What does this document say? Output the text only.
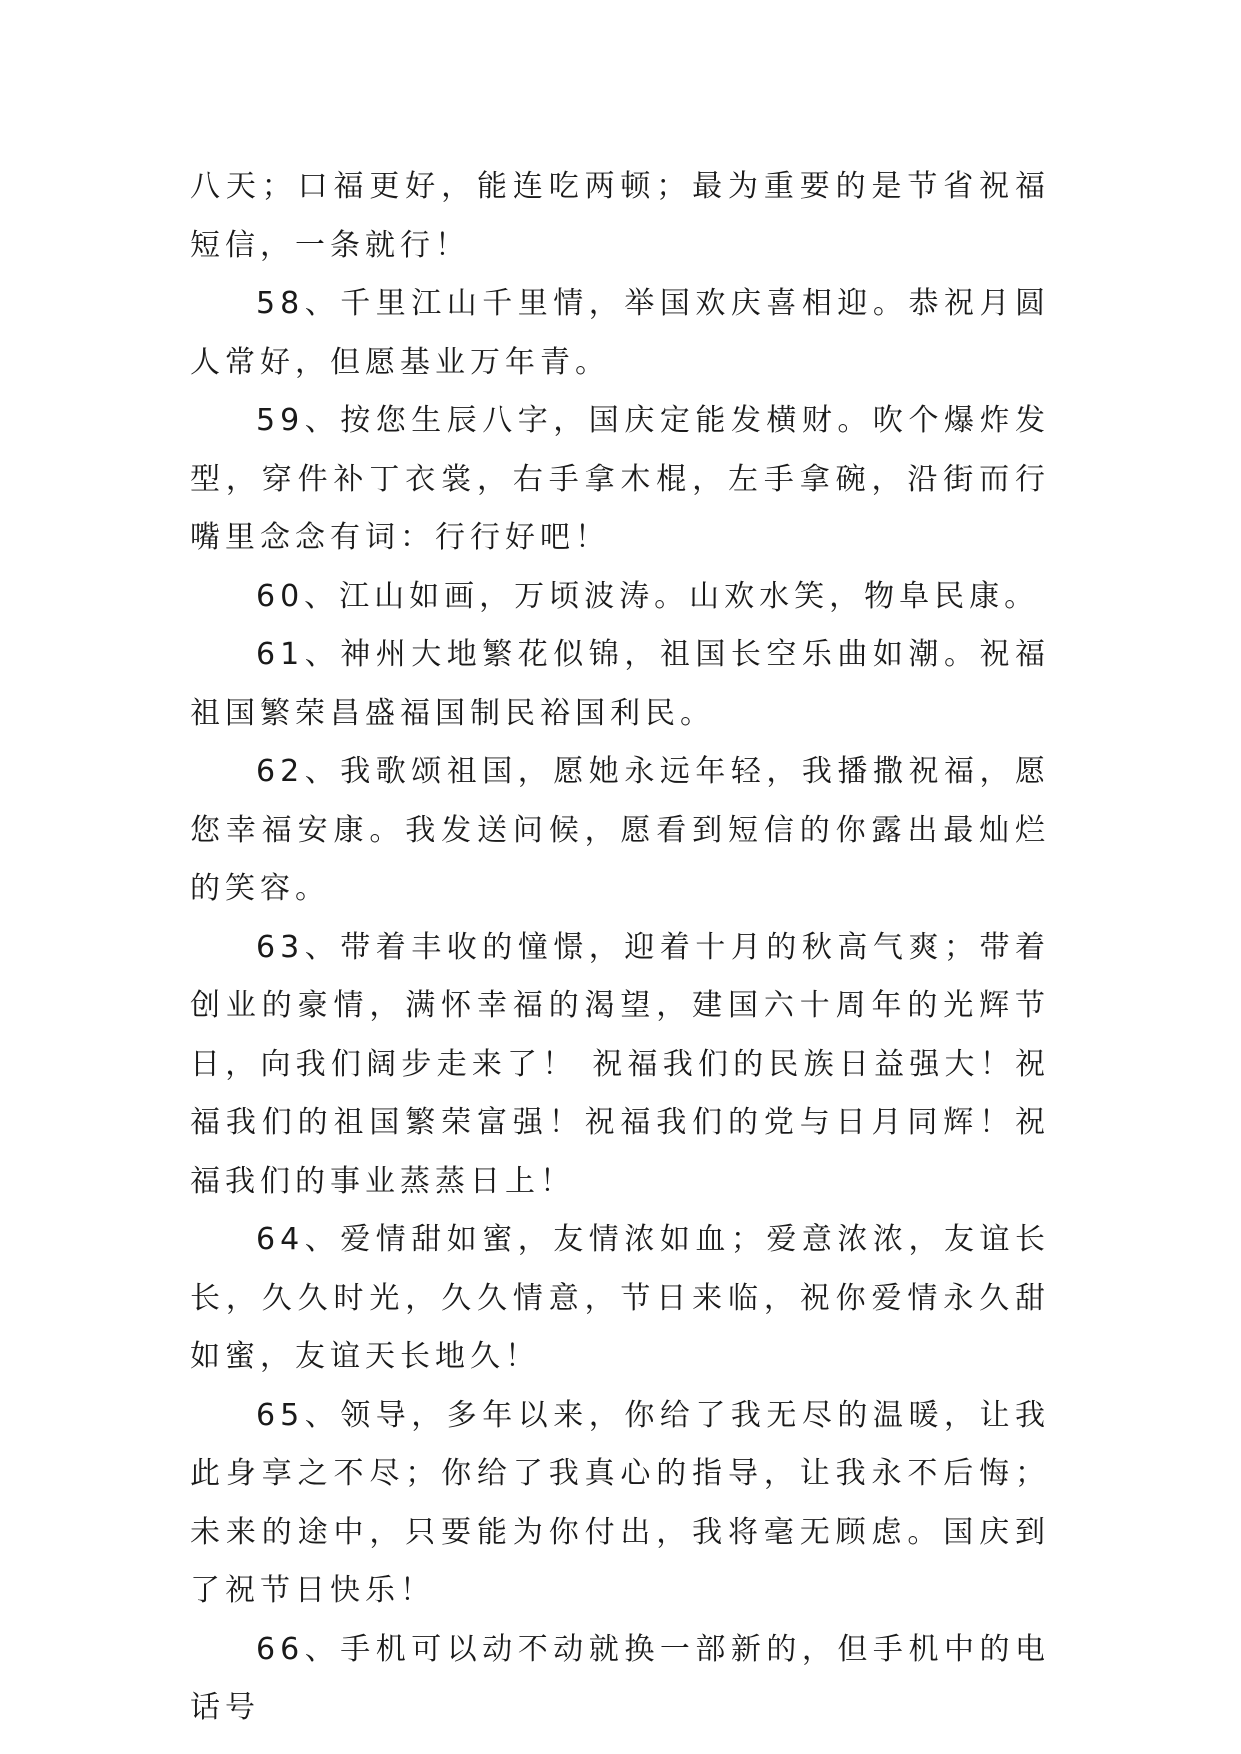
八天；口福更好，能连吃两顿；最为重要的是节省祝福短信，一条就行！

58、千里江山千里情，举国欢庆喜相迎。恭祝月圆人常好，但愿基业万年青。

59、按您生辰八字，国庆定能发横财。吹个爆炸发型，穿件补丁衣裳，右手拿木棍，左手拿碗，沿街而行嘴里念念有词：行行好吧！

60、江山如画，万顷波涛。山欢水笑，物阜民康。

61、神州大地繁花似锦，祖国长空乐曲如潮。祝福祖国繁荣昌盛福国制民裕国利民。

62、我歌颂祖国，愿她永远年轻，我播撒祝福，愿您幸福安康。我发送问候，愿看到短信的你露出最灿烂的笑容。

63、带着丰收的憧憬，迎着十月的秋高气爽；带着创业的豪情，满怀幸福的渴望，建国六十周年的光辉节日，向我们阔步走来了！ 祝福我们的民族日益强大！祝福我们的祖国繁荣富强！祝福我们的党与日月同辉！祝福我们的事业蒸蒸日上！

64、爱情甜如蜜，友情浓如血；爱意浓浓，友谊长长，久久时光，久久情意，节日来临，祝你爱情永久甜如蜜，友谊天长地久！

65、领导，多年以来，你给了我无尽的温暖，让我此身享之不尽；你给了我真心的指导，让我永不后悔；未来的途中，只要能为你付出，我将毫无顾虑。国庆到了祝节日快乐！

66、手机可以动不动就换一部新的，但手机中的电话号
